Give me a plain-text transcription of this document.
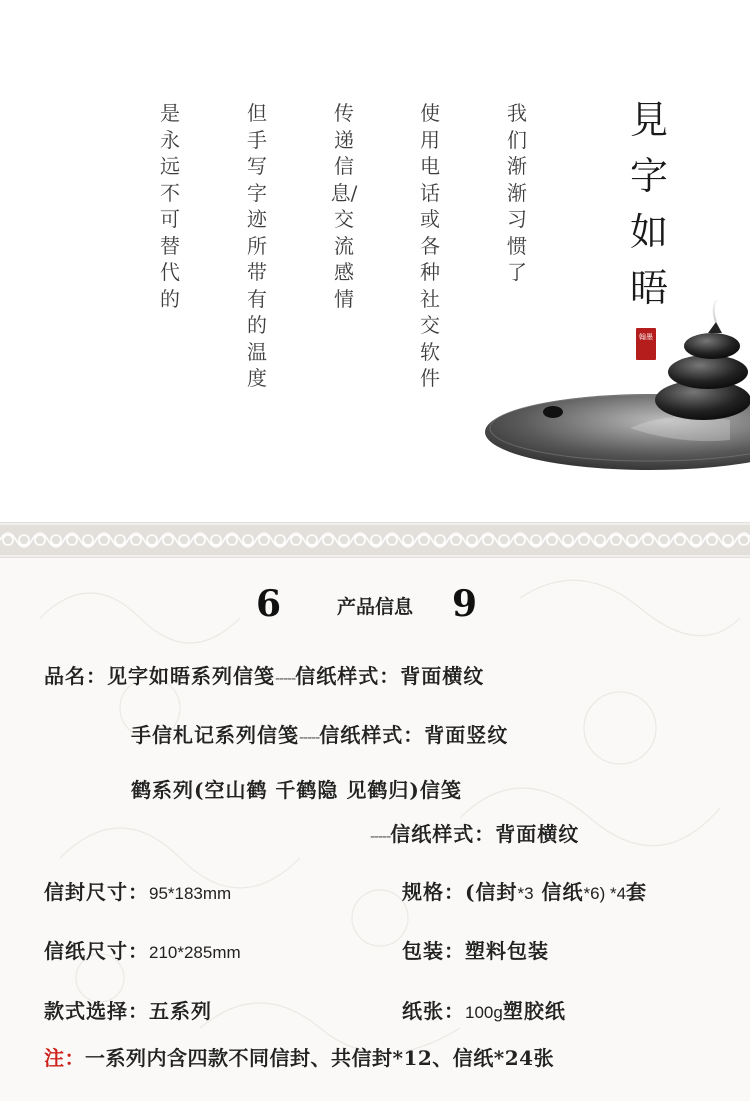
我们渐渐习惯了
使用电话或各种社交软件
传递信息/交流感情
但手写字迹所带有的温度
是永远不可替代的
見字如晤
翰墨
6	产品信息	9
品名：见字如晤系列信笺-----信纸样式：背面横纹
手信札记系列信笺-----信纸样式：背面竖纹
鹤系列(空山鹤 千鹤隐 见鹤归)信笺
-----信纸样式：背面横纹
信封尺寸：95*183mm	规格：(信封*3 信纸*6) *4套
信纸尺寸：210*285mm	包装：塑料包装
款式选择：五系列	纸张：100g塑胶纸
注：一系列内含四款不同信封、共信封*12、信纸*24张
